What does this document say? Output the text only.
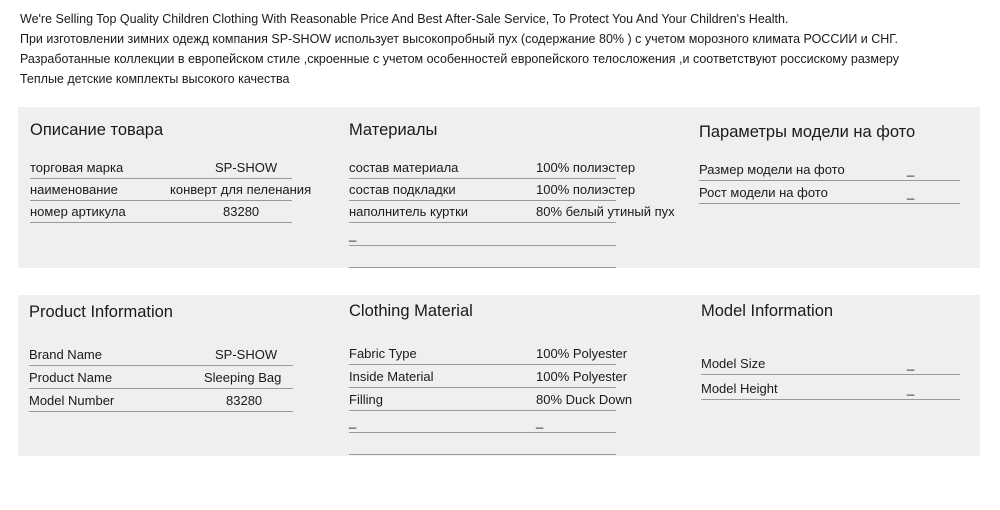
We're Selling Top Quality Children Clothing With Reasonable Price And Best After-Sale Service, To Protect You And Your Children's Health.
При изготовлении зимних одежд компания SP-SHOW использует высокопробный пух (содержание 80% ) с учетом морозного климата РОССИИ и СНГ.
Разработанные коллекции в европейском стиле ,скроенные с учетом особенностей европейского телосложения ,и соответствуют россискому размеру
Теплые детские комплекты высокого качества
Описание товара
торговая марка	SP-SHOW
наименование	конверт для пеленания
номер артикула	83280
Материалы
состав материала	100% полиэстер
состав подкладки	100% полиэстер
наполнитель куртки	80% белый утиный пух
_
Параметры модели на фото
Размер модели на фото	_
Рост модели на фото	_
Product Information
Brand Name	SP-SHOW
Product Name	Sleeping Bag
Model Number	83280
Clothing Material
Fabric Type	100% Polyester
Inside Material	100% Polyester
Filling	80% Duck Down
_	_
Model Information
Model Size	_
Model Height	_
